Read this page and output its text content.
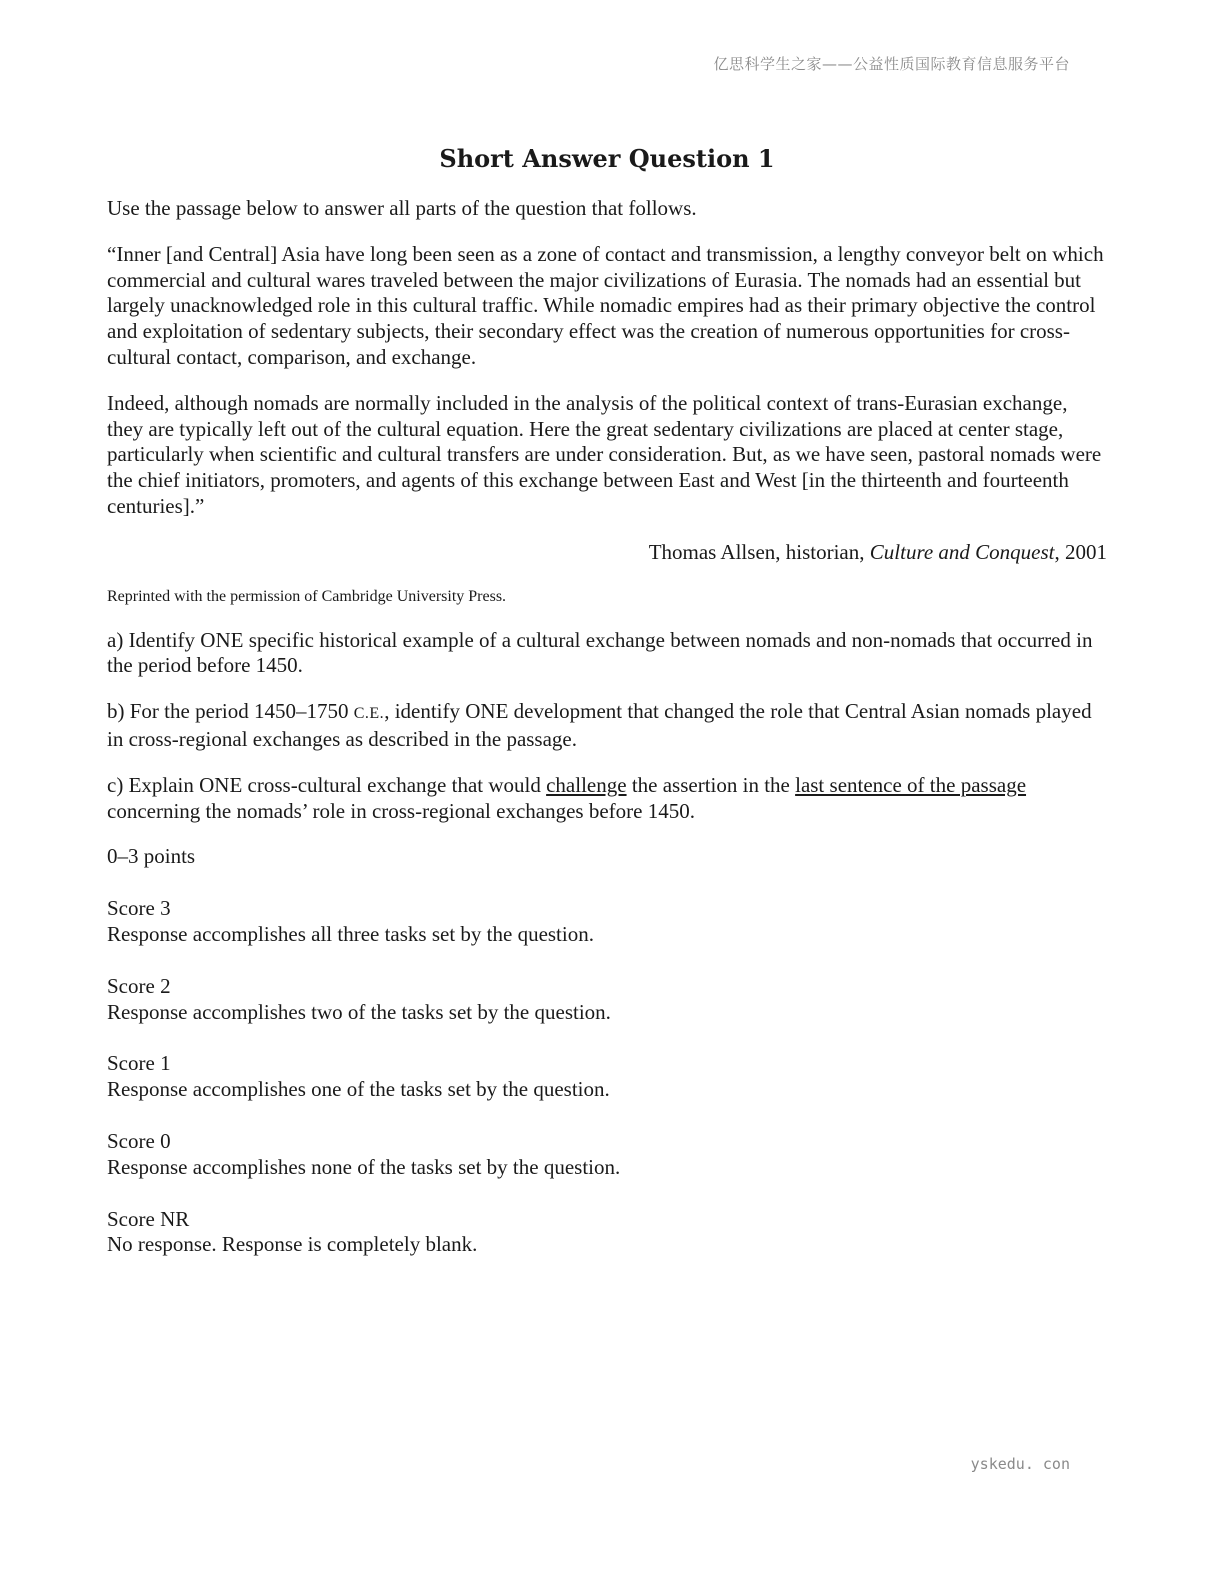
亿思科学生之家——公益性质国际教育信息服务平台
Short Answer Question 1

Use the passage below to answer all parts of the question that follows.

“Inner [and Central] Asia have long been seen as a zone of contact and transmission, a lengthy conveyor belt on which commercial and cultural wares traveled between the major civilizations of Eurasia. The nomads had an essential but largely unacknowledged role in this cultural traffic. While nomadic empires had as their primary objective the control and exploitation of sedentary subjects, their secondary effect was the creation of numerous opportunities for cross-cultural contact, comparison, and exchange.

Indeed, although nomads are normally included in the analysis of the political context of trans-Eurasian exchange, they are typically left out of the cultural equation. Here the great sedentary civilizations are placed at center stage, particularly when scientific and cultural transfers are under consideration. But, as we have seen, pastoral nomads were the chief initiators, promoters, and agents of this exchange between East and West [in the thirteenth and fourteenth centuries].”

Thomas Allsen, historian, Culture and Conquest, 2001

Reprinted with the permission of Cambridge University Press.

a) Identify ONE specific historical example of a cultural exchange between nomads and non-nomads that occurred in the period before 1450.

b) For the period 1450–1750 C.E., identify ONE development that changed the role that Central Asian nomads played in cross-regional exchanges as described in the passage.

c) Explain ONE cross-cultural exchange that would challenge the assertion in the last sentence of the passage concerning the nomads’ role in cross-regional exchanges before 1450.

0–3 points

Score 3

Response accomplishes all three tasks set by the question.

Score 2

Response accomplishes two of the tasks set by the question.

Score 1

Response accomplishes one of the tasks set by the question.

Score 0

Response accomplishes none of the tasks set by the question.

Score NR

No response. Response is completely blank.

yskedu. con
